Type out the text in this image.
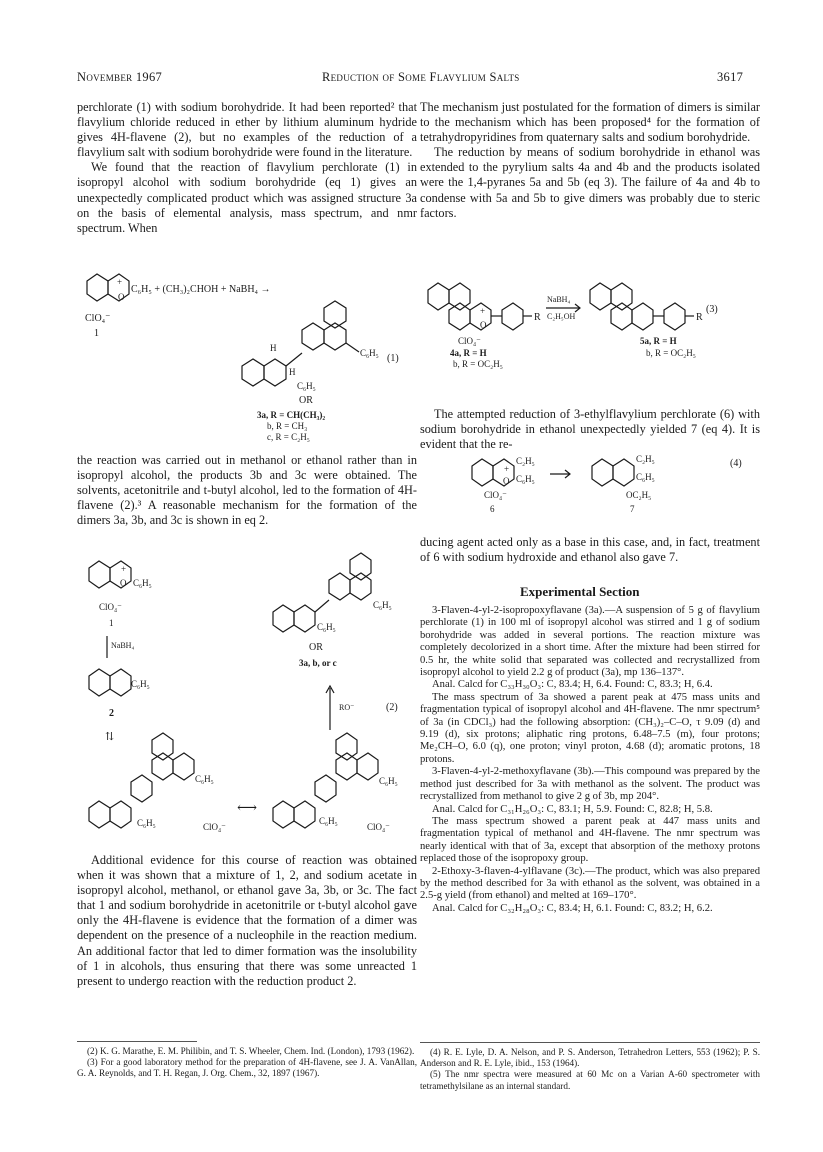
November 1967	Reduction of Some Flavylium Salts	3617

perchlorate (1) with sodium borohydride. It had been reported² that flavylium chloride reduced in ether by lithium aluminum hydride gives 4H-flavene (2), but no examples of the reduction of a flavylium salt with sodium borohydride were found in the literature.

We found that the reaction of flavylium perchlorate (1) in isopropyl alcohol with sodium borohydride (eq 1) gives an unexpectedly complicated product which was assigned structure 3a on the basis of elemental analysis, mass spectrum, and nmr spectrum. When

+
O
C₆H₅ + (CH₃)₂CHOH + NaBH₄ →
ClO₄⁻
1
H
H
C₆H₅
C₆H₅
OR
(1)
3a, R = CH(CH₃)₂
b, R = CH₃
c, R = C₂H₅

the reaction was carried out in methanol or ethanol rather than in isopropyl alcohol, the products 3b and 3c were obtained. The solvents, acetonitrile and t-butyl alcohol, led to the formation of 4H-flavene (2).³ A reasonable mechanism for the formation of the dimers 3a, 3b, and 3c is shown in eq 2.

+
O C₆H₅
ClO₄⁻
1
NaBH₄
C₆H₅
2
⇅
C₆H₅
C₆H₅	ClO₄⁻
⟷
C₆H₅
C₆H₅
ClO₄⁻
RO⁻	(2)
C₆H₅
C₆H₅
OR
3a, b, or c

Additional evidence for this course of reaction was obtained when it was shown that a mixture of 1, 2, and sodium acetate in isopropyl alcohol, methanol, or ethanol gave 3a, 3b, or 3c. The fact that 1 and sodium borohydride in acetonitrile or t-butyl alcohol gave only the 4H-flavene is evidence that the formation of a dimer was dependent on the presence of a nucleophile in the reaction medium. An additional factor that led to dimer formation was the insolubility of 1 in alcohols, thus ensuring that there was some unreacted 1 present to undergo reaction with the reduction product 2.

(2) K. G. Marathe, E. M. Philibin, and T. S. Wheeler, Chem. Ind. (London), 1793 (1962).

(3) For a good laboratory method for the preparation of 4H-flavene, see J. A. VanAllan, G. A. Reynolds, and T. H. Regan, J. Org. Chem., 32, 1897 (1967).

The mechanism just postulated for the formation of dimers is similar to the mechanism which has been proposed⁴ for the formation of tetrahydropyridines from quaternary salts and sodium borohydride.

The reduction by means of sodium borohydride in ethanol was extended to the pyrylium salts 4a and 4b and the products isolated were the 1,4-pyranes 5a and 5b (eq 3). The failure of 4a and 4b to condense with 5a and 5b to give dimers was probably due to steric factors.

+
O
R
NaBH₄
C₂H₅OH	R
(3)
ClO₄⁻
4a, R = H
b, R = OC₂H₅
5a, R = H
b, R = OC₂H₅

The attempted reduction of 3-ethylflavylium perchlorate (6) with sodium borohydride in ethanol unexpectedly yielded 7 (eq 4). It is evident that the re-

+
O
C₂H₅
C₆H₅
ClO₄⁻
6
C₂H₅
C₆H₅
OC₂H₅
7
(4)

ducing agent acted only as a base in this case, and, in fact, treatment of 6 with sodium hydroxide and ethanol also gave 7.

Experimental Section

3-Flaven-4-yl-2-isopropoxyflavane (3a).—A suspension of 5 g of flavylium perchlorate (1) in 100 ml of isopropyl alcohol was stirred and 1 g of sodium borohydride was added in several portions. The reaction mixture was completely decolorized in a short time. After the mixture had been stirred for 0.5 hr, the white solid that separated was collected and recrystallized from isopropyl alcohol to yield 2.2 g of product (3a), mp 136–137°.

Anal. Calcd for C₃₃H₃₀O₃: C, 83.4; H, 6.4. Found: C, 83.3; H, 6.4.

The mass spectrum of 3a showed a parent peak at 475 mass units and fragmentation typical of isopropyl alcohol and 4H-flavene. The nmr spectrum⁵ of 3a (in CDCl₃) had the following absorption: (CH₃)₂–C–O, τ 9.09 (d) and 9.19 (d), six protons; aliphatic ring protons, 6.48–7.5 (m), four protons; Me₂CH–O, 6.0 (q), one proton; vinyl proton, 4.68 (d); aromatic protons, 18 protons.

3-Flaven-4-yl-2-methoxyflavane (3b).—This compound was prepared by the method just described for 3a with methanol as the solvent. The product was recrystallized from methanol to give 2 g of 3b, mp 204°.

Anal. Calcd for C₃₁H₂₆O₃: C, 83.1; H, 5.9. Found: C, 82.8; H, 5.8.

The mass spectrum showed a parent peak at 447 mass units and fragmentation typical of methanol and 4H-flavene. The nmr spectrum was nearly identical with that of 3a, except that absorption of the methoxy protons replaced those of the isopropoxy group.

2-Ethoxy-3-flaven-4-ylflavane (3c).—The product, which was also prepared by the method described for 3a with ethanol as the solvent, was obtained in a 2.5-g yield (from ethanol) and melted at 169–170°.

Anal. Calcd for C₃₂H₂₈O₃: C, 83.4; H, 6.1. Found: C, 83.2; H, 6.2.

(4) R. E. Lyle, D. A. Nelson, and P. S. Anderson, Tetrahedron Letters, 553 (1962); P. S. Anderson and R. E. Lyle, ibid., 153 (1964).

(5) The nmr spectra were measured at 60 Mc on a Varian A-60 spectrometer with tetramethylsilane as an internal standard.
